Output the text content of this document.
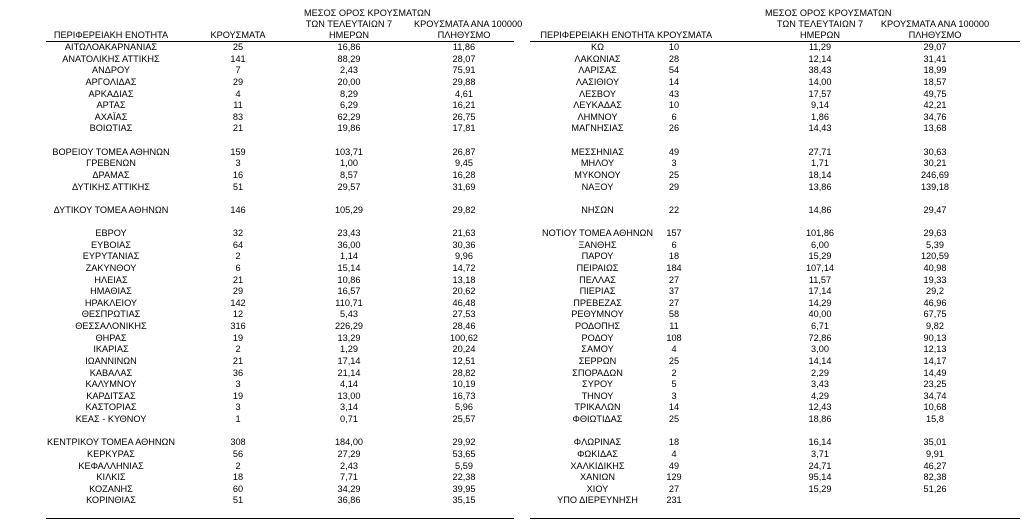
ΠΕΡΙΦΕΡΕΙΑΚΗ ΕΝΟΤΗΤΑ	ΚΡΟΥΣΜΑΤΑ
ΜΕΣΟΣ ΟΡΟΣ ΚΡΟΥΣΜΑΤΩΝ
ΤΩΝ ΤΕΛΕΥΤΑΙΩΝ 7
ΗΜΕΡΩΝ
ΚΡΟΥΣΜΑΤΑ ΑΝΑ 100000
ΠΛΗΘΥΣΜΟ
ΑΙΤΩΛΟΑΚΑΡΝΑΝΙΑΣ	25	16,86	11,86
ΑΝΑΤΟΛΙΚΗΣ ΑΤΤΙΚΗΣ	141	88,29	28,07
ΑΝΔΡΟΥ	7	2,43	75,91
ΑΡΓΟΛΙΔΑΣ	29	20,00	29,88
ΑΡΚΑΔΙΑΣ	4	8,29	4,61
ΑΡΤΑΣ	11	6,29	16,21
ΑΧΑΪΑΣ	83	62,29	26,75
ΒΟΙΩΤΙΑΣ	21	19,86	17,81
ΒΟΡΕΙΟΥ ΤΟΜΕΑ ΑΘΗΝΩΝ	159	103,71	26,87
ΓΡΕΒΕΝΩΝ	3	1,00	9,45
ΔΡΑΜΑΣ	16	8,57	16,28
ΔΥΤΙΚΗΣ ΑΤΤΙΚΗΣ	51	29,57	31,69
ΔΥΤΙΚΟΥ ΤΟΜΕΑ ΑΘΗΝΩΝ	146	105,29	29,82
ΕΒΡΟΥ	32	23,43	21,63
ΕΥΒΟΙΑΣ	64	36,00	30,36
ΕΥΡΥΤΑΝΙΑΣ	2	1,14	9,96
ΖΑΚΥΝΘΟΥ	6	15,14	14,72
ΗΛΕΙΑΣ	21	10,86	13,18
ΗΜΑΘΙΑΣ	29	16,57	20,62
ΗΡΑΚΛΕΙΟΥ	142	110,71	46,48
ΘΕΣΠΡΩΤΙΑΣ	12	5,43	27,53
ΘΕΣΣΑΛΟΝΙΚΗΣ	316	226,29	28,46
ΘΗΡΑΣ	19	13,29	100,62
ΙΚΑΡΙΑΣ	2	1,29	20,24
ΙΩΑΝΝΙΝΩΝ	21	17,14	12,51
ΚΑΒΑΛΑΣ	36	21,14	28,82
ΚΑΛΥΜΝΟΥ	3	4,14	10,19
ΚΑΡΔΙΤΣΑΣ	19	13,00	16,73
ΚΑΣΤΟΡΙΑΣ	3	3,14	5,96
ΚΕΑΣ - ΚΥΘΝΟΥ	1	0,71	25,57
ΚΕΝΤΡΙΚΟΥ ΤΟΜΕΑ ΑΘΗΝΩΝ	308	184,00	29,92
ΚΕΡΚΥΡΑΣ	56	27,29	53,65
ΚΕΦΑΛΛΗΝΙΑΣ	2	2,43	5,59
ΚΙΛΚΙΣ	18	7,71	22,38
ΚΟΖΑΝΗΣ	60	34,29	39,95
ΚΟΡΙΝΘΙΑΣ	51	36,86	35,15
ΠΕΡΙΦΕΡΕΙΑΚΗ ΕΝΟΤΗΤΑ ΚΡΟΥΣΜΑΤΑ
ΜΕΣΟΣ ΟΡΟΣ ΚΡΟΥΣΜΑΤΩΝ
ΤΩΝ ΤΕΛΕΥΤΑΙΩΝ 7
ΗΜΕΡΩΝ
ΚΡΟΥΣΜΑΤΑ ΑΝΑ 100000
ΠΛΗΘΥΣΜΟ
ΚΩ	10	11,29	29,07
ΛΑΚΩΝΙΑΣ	28	12,14	31,41
ΛΑΡΙΣΑΣ	54	38,43	18,99
ΛΑΣΙΘΙΟΥ	14	14,00	18,57
ΛΕΣΒΟΥ	43	17,57	49,75
ΛΕΥΚΑΔΑΣ	10	9,14	42,21
ΛΗΜΝΟΥ	6	1,86	34,76
ΜΑΓΝΗΣΙΑΣ	26	14,43	13,68
ΜΕΣΣΗΝΙΑΣ	49	27,71	30,63
ΜΗΛΟΥ	3	1,71	30,21
ΜΥΚΟΝΟΥ	25	18,14	246,69
ΝΑΞΟΥ	29	13,86	139,18
ΝΗΣΩΝ	22	14,86	29,47
ΝΟΤΙΟΥ ΤΟΜΕΑ ΑΘΗΝΩΝ	157	101,86	29,63
ΞΑΝΘΗΣ	6	6,00	5,39
ΠΑΡΟΥ	18	15,29	120,59
ΠΕΙΡΑΙΩΣ	184	107,14	40,98
ΠΕΛΛΑΣ	27	11,57	19,33
ΠΙΕΡΙΑΣ	37	17,14	29,2
ΠΡΕΒΕΖΑΣ	27	14,29	46,96
ΡΕΘΥΜΝΟΥ	58	40,00	67,75
ΡΟΔΟΠΗΣ	11	6,71	9,82
ΡΟΔΟΥ	108	72,86	90,13
ΣΑΜΟΥ	4	3,00	12,13
ΣΕΡΡΩΝ	25	14,14	14,17
ΣΠΟΡΑΔΩΝ	2	2,29	14,49
ΣΥΡΟΥ	5	3,43	23,25
ΤΗΝΟΥ	3	4,29	34,74
ΤΡΙΚΑΛΩΝ	14	12,43	10,68
ΦΘΙΩΤΙΔΑΣ	25	18,86	15,8
ΦΛΩΡΙΝΑΣ	18	16,14	35,01
ΦΩΚΙΔΑΣ	4	3,71	9,91
ΧΑΛΚΙΔΙΚΗΣ	49	24,71	46,27
ΧΑΝΙΩΝ	129	95,14	82,38
ΧΙΟΥ	27	15,29	51,26
ΥΠΟ ΔΙΕΡΕΥΝΗΣΗ	231
